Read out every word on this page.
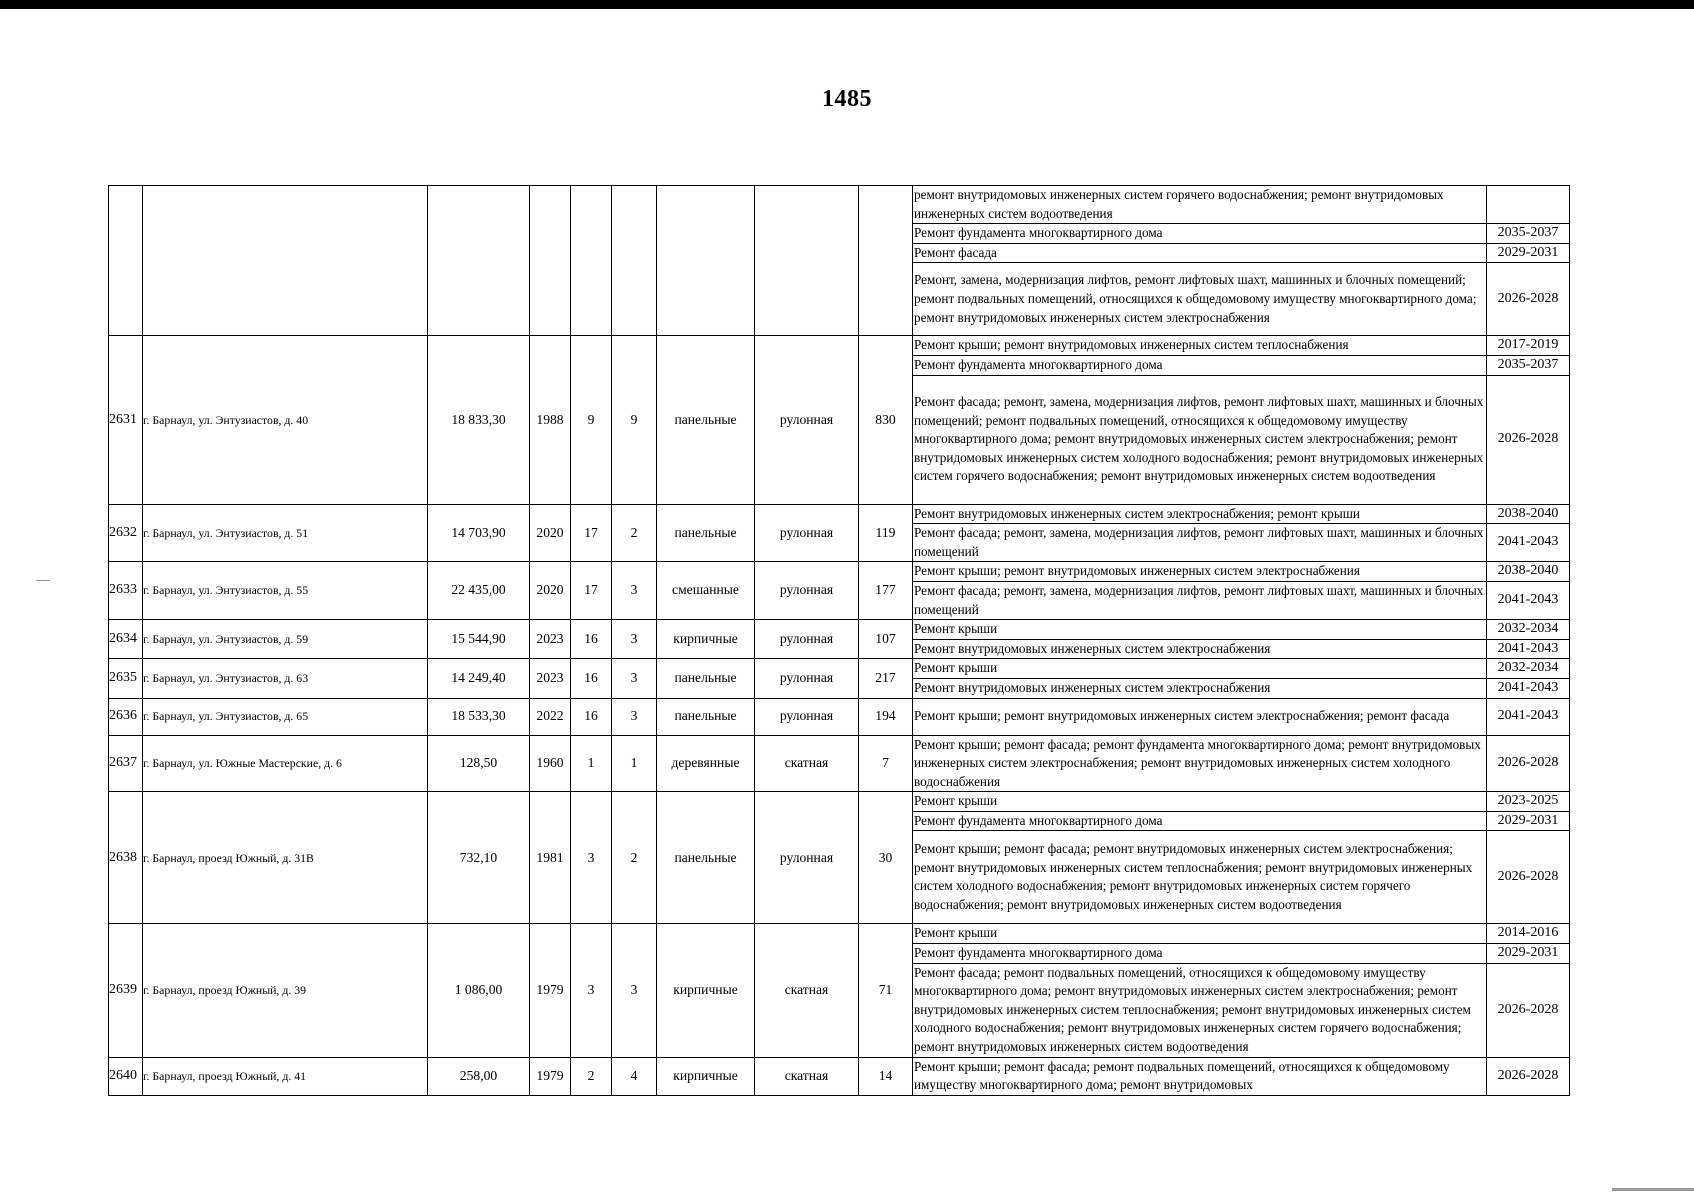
1485
									ремонт внутридомовых инженерных систем горячего водоснабжения; ремонт внутридомовых инженерных систем водоотведения	
									Ремонт фундамента многоквартирного дома	2035-2037
									Ремонт фасада	2029-2031
									Ремонт, замена, модернизация лифтов, ремонт лифтовых шахт, машинных и блочных помещений; ремонт подвальных помещений, относящихся к общедомовому имуществу многоквартирного дома; ремонт внутридомовых инженерных систем электроснабжения	2026-2028
2631	г. Барнаул, ул. Энтузиастов, д. 40	18 833,30	1988	9	9	панельные	рулонная	830	Ремонт крыши; ремонт внутридомовых инженерных систем теплоснабжения	2017-2019
									Ремонт фундамента многоквартирного дома	2035-2037
									Ремонт фасада; ремонт, замена, модернизация лифтов, ремонт лифтовых шахт, машинных и блочных помещений; ремонт подвальных помещений, относящихся к общедомовому имуществу многоквартирного дома; ремонт внутридомовых инженерных систем электроснабжения; ремонт внутридомовых инженерных систем холодного водоснабжения; ремонт внутридомовых инженерных систем горячего водоснабжения; ремонт внутридомовых инженерных систем водоотведения	2026-2028
2632	г. Барнаул, ул. Энтузиастов, д. 51	14 703,90	2020	17	2	панельные	рулонная	119	Ремонт внутридомовых инженерных систем электроснабжения; ремонт крыши	2038-2040
									Ремонт фасада; ремонт, замена, модернизация лифтов, ремонт лифтовых шахт, машинных и блочных помещений	2041-2043
2633	г. Барнаул, ул. Энтузиастов, д. 55	22 435,00	2020	17	3	смешанные	рулонная	177	Ремонт крыши; ремонт внутридомовых инженерных систем электроснабжения	2038-2040
									Ремонт фасада; ремонт, замена, модернизация лифтов, ремонт лифтовых шахт, машинных и блочных помещений	2041-2043
2634	г. Барнаул, ул. Энтузиастов, д. 59	15 544,90	2023	16	3	кирпичные	рулонная	107	Ремонт крыши	2032-2034
									Ремонт внутридомовых инженерных систем электроснабжения	2041-2043
2635	г. Барнаул, ул. Энтузиастов, д. 63	14 249,40	2023	16	3	панельные	рулонная	217	Ремонт крыши	2032-2034
									Ремонт внутридомовых инженерных систем электроснабжения	2041-2043
2636	г. Барнаул, ул. Энтузиастов, д. 65	18 533,30	2022	16	3	панельные	рулонная	194	Ремонт крыши; ремонт внутридомовых инженерных систем электроснабжения; ремонт фасада	2041-2043
2637	г. Барнаул, ул. Южные Мастерские, д. 6	128,50	1960	1	1	деревянные	скатная	7	Ремонт крыши; ремонт фасада; ремонт фундамента многоквартирного дома; ремонт внутридомовых инженерных систем электроснабжения; ремонт внутридомовых инженерных систем холодного водоснабжения	2026-2028
2638	г. Барнаул, проезд Южный, д. 31В	732,10	1981	3	2	панельные	рулонная	30	Ремонт крыши	2023-2025
									Ремонт фундамента многоквартирного дома	2029-2031
									Ремонт крыши; ремонт фасада; ремонт внутридомовых инженерных систем электроснабжения; ремонт внутридомовых инженерных систем теплоснабжения; ремонт внутридомовых инженерных систем холодного водоснабжения; ремонт внутридомовых инженерных систем горячего водоснабжения; ремонт внутридомовых инженерных систем водоотведения	2026-2028
2639	г. Барнаул, проезд Южный, д. 39	1 086,00	1979	3	3	кирпичные	скатная	71	Ремонт крыши	2014-2016
									Ремонт фундамента многоквартирного дома	2029-2031
									Ремонт фасада; ремонт подвальных помещений, относящихся к общедомовому имуществу многоквартирного дома; ремонт внутридомовых инженерных систем электроснабжения; ремонт внутридомовых инженерных систем теплоснабжения; ремонт внутридомовых инженерных систем холодного водоснабжения; ремонт внутридомовых инженерных систем горячего водоснабжения; ремонт внутридомовых инженерных систем водоотведения	2026-2028
2640	г. Барнаул, проезд Южный, д. 41	258,00	1979	2	4	кирпичные	скатная	14	Ремонт крыши; ремонт фасада; ремонт подвальных помещений, относящихся к общедомовому имуществу многоквартирного дома; ремонт внутридомовых	2026-2028
